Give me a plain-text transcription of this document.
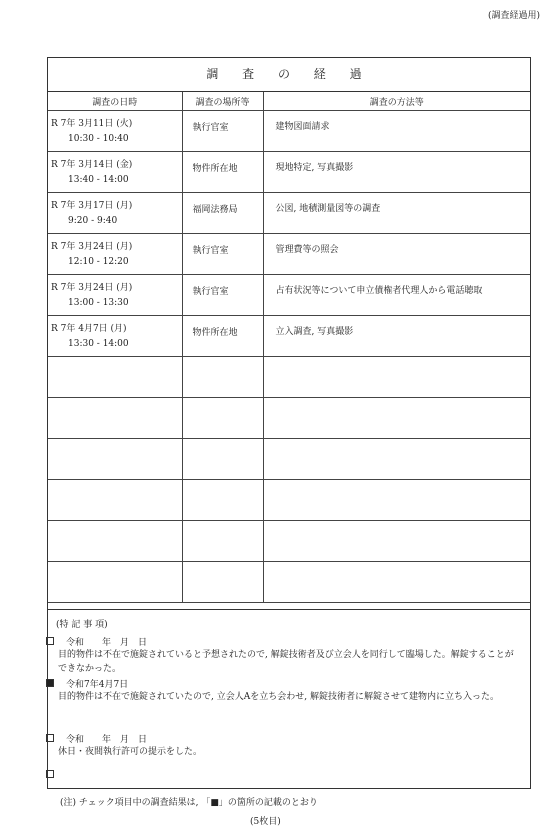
(調査経過用)
調 査 の 経 過
調査の日時	調査の場所等	調査の方法等

R 7年 3月11日 (火)
10:30 - 10:40	執行官室	建物図面請求

R 7年 3月14日 (金)
13:40 - 14:00	物件所在地	現地特定, 写真撮影

R 7年 3月17日 (月)
9:20 - 9:40	福岡法務局	公図, 地積測量図等の調査

R 7年 3月24日 (月)
12:10 - 12:20	執行官室	管理費等の照会

R 7年 3月24日 (月)
13:00 - 13:30	執行官室	占有状況等について申立債権者代理人から電話聴取

R 7年 4月7日 (月)
13:30 - 14:00	物件所在地	立入調査, 写真撮影

(特 記 事 項)
令和　　年　月　日
目的物件は不在で施錠されていると予想されたので, 解錠技術者及び立会人を同行して臨場した。解錠することができなかった。
令和7年4月7日
目的物件は不在で施錠されていたので, 立会人Aを立ち会わせ, 解錠技術者に解錠させて建物内に立ち入った。
令和　　年　月　日
休日・夜間執行許可の提示をした。
(注) チェック項目中の調査結果は, 「■」の箇所の記載のとおり
(5枚目)
